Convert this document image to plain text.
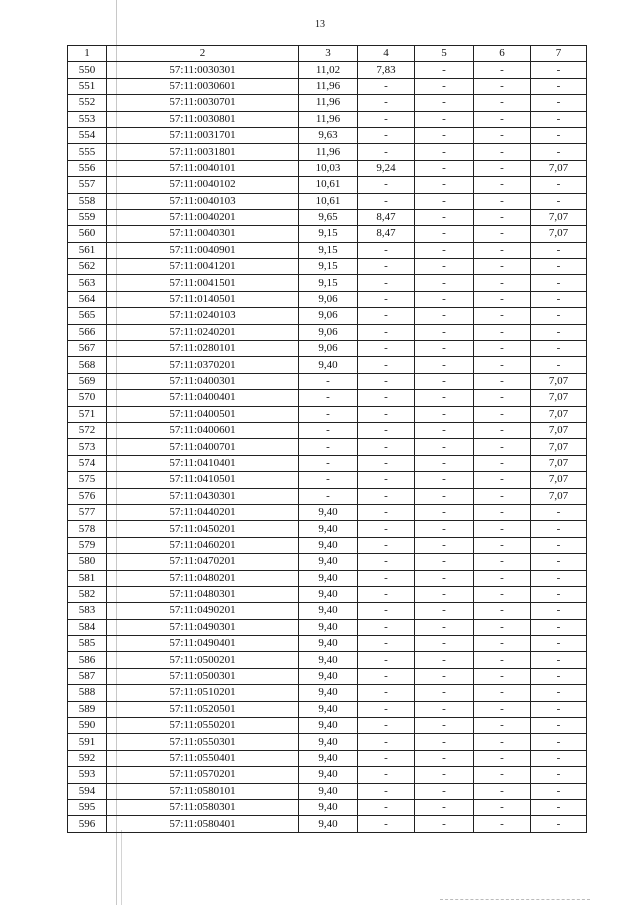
13
1	2	3	4	5	6	7
550	57:11:0030301	11,02	7,83	-	-	-
551	57:11:0030601	11,96	-	-	-	-
552	57:11:0030701	11,96	-	-	-	-
553	57:11:0030801	11,96	-	-	-	-
554	57:11:0031701	9,63	-	-	-	-
555	57:11:0031801	11,96	-	-	-	-
556	57:11:0040101	10,03	9,24	-	-	7,07
557	57:11:0040102	10,61	-	-	-	-
558	57:11:0040103	10,61	-	-	-	-
559	57:11:0040201	9,65	8,47	-	-	7,07
560	57:11:0040301	9,15	8,47	-	-	7,07
561	57:11:0040901	9,15	-	-	-	-
562	57:11:0041201	9,15	-	-	-	-
563	57:11:0041501	9,15	-	-	-	-
564	57:11:0140501	9,06	-	-	-	-
565	57:11:0240103	9,06	-	-	-	-
566	57:11:0240201	9,06	-	-	-	-
567	57:11:0280101	9,06	-	-	-	-
568	57:11:0370201	9,40	-	-	-	-
569	57:11:0400301	-	-	-	-	7,07
570	57:11:0400401	-	-	-	-	7,07
571	57:11:0400501	-	-	-	-	7,07
572	57:11:0400601	-	-	-	-	7,07
573	57:11:0400701	-	-	-	-	7,07
574	57:11:0410401	-	-	-	-	7,07
575	57:11:0410501	-	-	-	-	7,07
576	57:11:0430301	-	-	-	-	7,07
577	57:11:0440201	9,40	-	-	-	-
578	57:11:0450201	9,40	-	-	-	-
579	57:11:0460201	9,40	-	-	-	-
580	57:11:0470201	9,40	-	-	-	-
581	57:11:0480201	9,40	-	-	-	-
582	57:11:0480301	9,40	-	-	-	-
583	57:11:0490201	9,40	-	-	-	-
584	57:11:0490301	9,40	-	-	-	-
585	57:11:0490401	9,40	-	-	-	-
586	57:11:0500201	9,40	-	-	-	-
587	57:11:0500301	9,40	-	-	-	-
588	57:11:0510201	9,40	-	-	-	-
589	57:11:0520501	9,40	-	-	-	-
590	57:11:0550201	9,40	-	-	-	-
591	57:11:0550301	9,40	-	-	-	-
592	57:11:0550401	9,40	-	-	-	-
593	57:11:0570201	9,40	-	-	-	-
594	57:11:0580101	9,40	-	-	-	-
595	57:11:0580301	9,40	-	-	-	-
596	57:11:0580401	9,40	-	-	-	-
